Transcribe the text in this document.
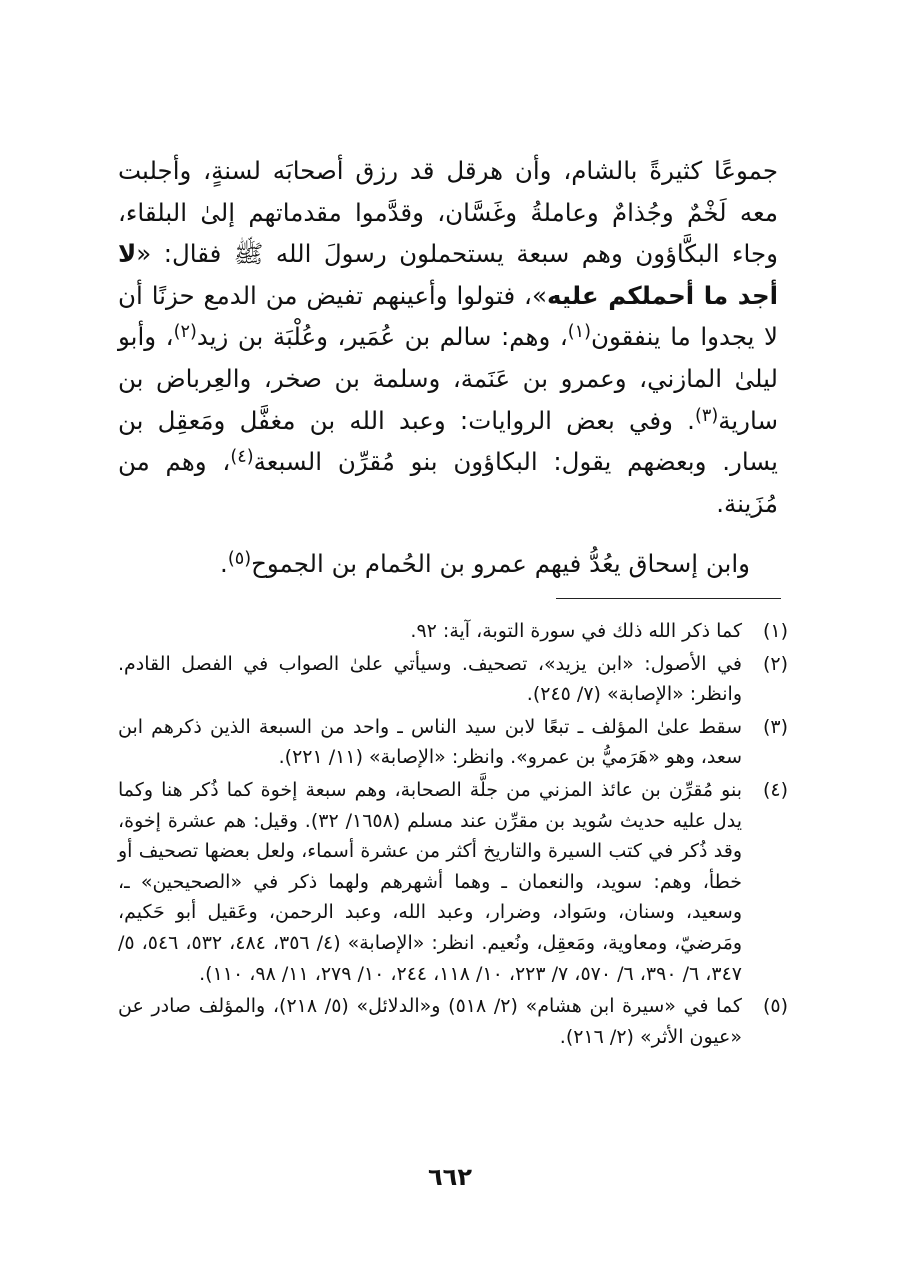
جموعًا كثيرةً بالشام، وأن هرقل قد رزق أصحابَه لسنةٍ، وأجلبت معه لَخْمٌ وجُذامٌ وعاملةُ وغَسَّان، وقدَّموا مقدماتهم إلىٰ البلقاء، وجاء البكَّاؤون وهم سبعة يستحملون رسولَ الله ﷺ فقال: «لا أجد ما أحملكم عليه»، فتولوا وأعينهم تفيض من الدمع حزنًا أن لا يجدوا ما ينفقون$^{(١)}$، وهم: سالم بن عُمَير، وعُلْبَة بن زيد$^{(٢)}$، وأبو ليلىٰ المازني، وعمرو بن عَنَمة، وسلمة بن صخر، والعِرباض بن سارية$^{(٣)}$. وفي بعض الروايات: وعبد الله بن مغفَّل ومَعقِل بن يسار. وبعضهم يقول: البكاؤون بنو مُقرِّن السبعة$^{(٤)}$، وهم من مُزَينة.

وابن إسحاق يعُدُّ فيهم عمرو بن الحُمام بن الجموح$^{(٥)}$.

(١)
كما ذكر الله ذلك في سورة التوبة، آية: ٩٢.
(٢)
في الأصول: «ابن يزيد»، تصحيف. وسيأتي علىٰ الصواب في الفصل القادم. وانظر: «الإصابة» (٧/ ٢٤٥).
(٣)
سقط علىٰ المؤلف ـ تبعًا لابن سيد الناس ـ واحد من السبعة الذين ذكرهم ابن سعد، وهو «هَرَميُّ بن عمرو». وانظر: «الإصابة» (١١/ ٢٢١).
(٤)
بنو مُقرِّن بن عائذ المزني من جلَّة الصحابة، وهم سبعة إخوة كما ذُكر هنا وكما يدل عليه حديث سُويد بن مقرِّن عند مسلم (١٦٥٨/ ٣٢). وقيل: هم عشرة إخوة، وقد ذُكر في كتب السيرة والتاريخ أكثر من عشرة أسماء، ولعل بعضها تصحيف أو خطأ، وهم: سويد، والنعمان ـ وهما أشهرهم ولهما ذكر في «الصحيحين» ـ، وسعيد، وسنان، وسَواد، وضرار، وعبد الله، وعبد الرحمن، وعَقيل أبو حَكيم، ومَرضيّ، ومعاوية، ومَعقِل، ونُعيم. انظر: «الإصابة» (٤/ ٣٥٦، ٤٨٤، ٥٣٢، ٥٤٦، ٥/ ٣٤٧، ٦/ ٣٩٠، ٦/ ٥٧٠، ٧/ ٢٢٣، ١٠/ ١١٨، ٢٤٤، ١٠/ ٢٧٩، ١١/ ٩٨، ١١٠).
(٥)
كما في «سيرة ابن هشام» (٢/ ٥١٨) و«الدلائل» (٥/ ٢١٨)، والمؤلف صادر عن «عيون الأثر» (٢/ ٢١٦).
٦٦٢
